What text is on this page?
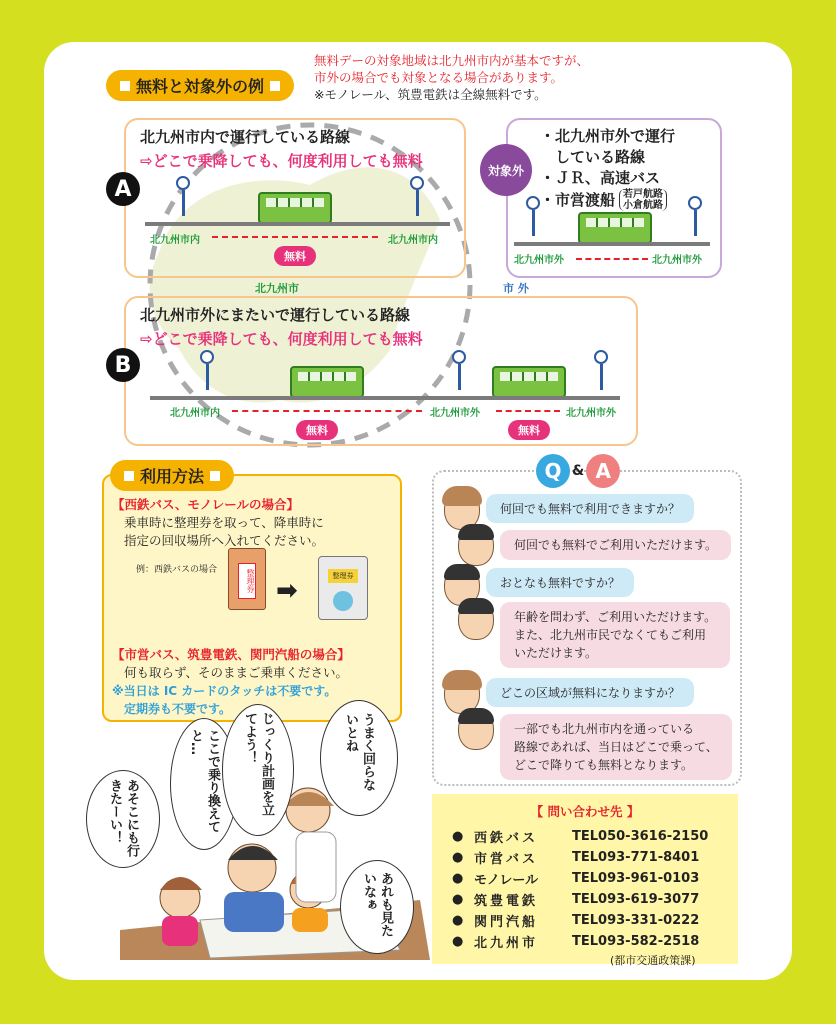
無料と対象外の例
無料デーの対象地域は北九州市内が基本ですが、
市外の場合でも対象となる場合があります。
※モノレール、筑豊電鉄は全線無料です。
北九州市	市 外
A
北九州市内で運行している路線
⇨どこで乗降しても、何度利用しても無料
北九州市内	北九州市内
無料
対象外
・北九州市外で運行
　している路線
・ＪＲ、高速バス
・市営渡船 若戸航路
小倉航路
北九州市外	北九州市外
B
北九州市外にまたいで運行している路線
⇨どこで乗降しても、何度利用しても無料
北九州市内	北九州市外	北九州市外
無料	無料
利用方法
【西鉄バス、モノレールの場合】
乗車時に整理券を取って、降車時に
指定の回収場所へ入れてください。
例：西鉄バスの場合	整理券 ➡	整理券
【市営バス、筑豊電鉄、関門汽船の場合】
何も取らず、そのままご乗車ください。
※当日は IC カードのタッチは不要です。
定期券も不要です。
Q & A
何回でも無料で利用できますか？
何回でも無料でご利用いただけます。
おとなも無料ですか？
年齢を問わず、ご利用いただけます。
また、北九州市民でなくてもご利用
いただけます。
どこの区域が無料になりますか？
一部でも北九州市内を通っている
路線であれば、当日はどこで乗って、
どこで降りても無料となります。
あそこにも行きたーい！	ここで乗り換えてと…	じっくり計画を立てよう！	うまく回らないとね
あれも見たいなぁ
【 問い合わせ先 】
● 西鉄バス	TEL050-3616-2150
● 市営バス	TEL093-771-8401
● モノレール	TEL093-961-0103
● 筑豊電鉄	TEL093-619-3077
● 関門汽船	TEL093-331-0222
● 北九州市	TEL093-582-2518
(都市交通政策課)
